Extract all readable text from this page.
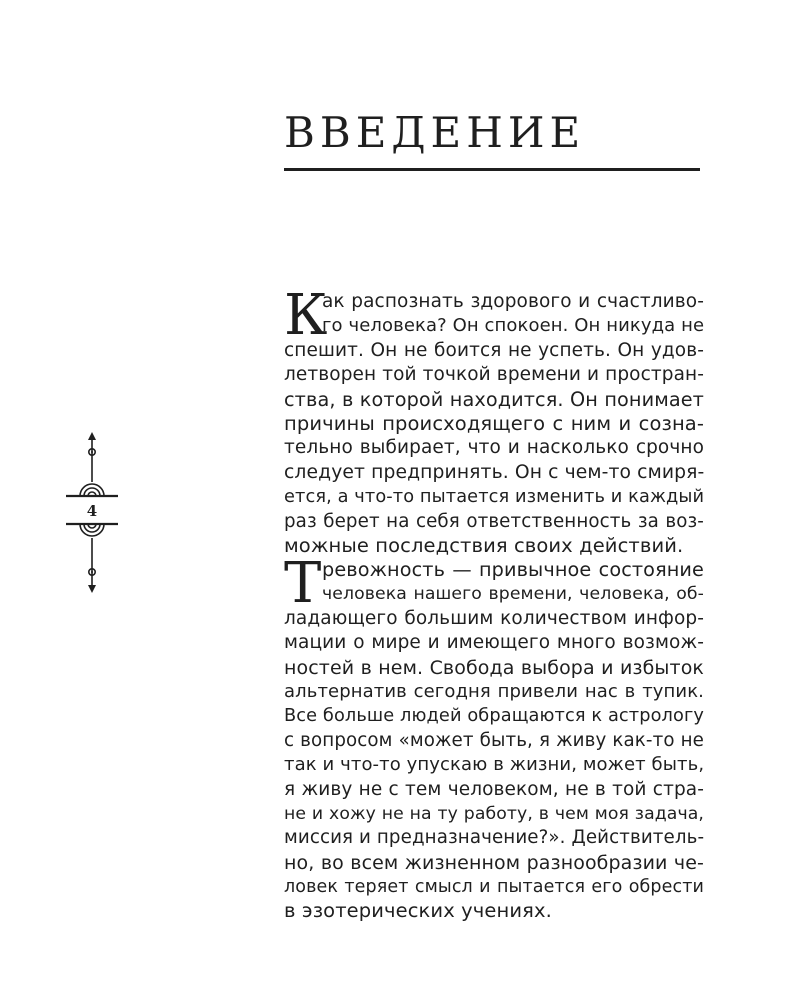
ВВЕДЕНИЕ
4
К
ак распознать здорового и счастливо-
го человека? Он спокоен. Он никуда не
спешит. Он не боится не успеть. Он удов-
летворен той точкой времени и простран-
ства, в которой находится. Он понимает
причины происходящего с ним и созна-
тельно выбирает, что и насколько срочно
следует предпринять. Он с чем-то смиря-
ется, а что-то пытается изменить и каждый
раз берет на себя ответственность за воз-
можные последствия своих действий.
Т ревожность — привычное состояние
человека нашего времени, человека, об-
ладающего большим количеством инфор-
мации о мире и имеющего много возмож-
ностей в нем. Свобода выбора и избыток
альтернатив сегодня привели нас в тупик.
Все больше людей обращаются к астрологу
с вопросом «может быть, я живу как-то не
так и что-то упускаю в жизни, может быть,
я живу не с тем человеком, не в той стра-
не и хожу не на ту работу, в чем моя задача,
миссия и предназначение?». Действитель-
но, во всем жизненном разнообразии че-
ловек теряет смысл и пытается его обрести
в эзотерических учениях.
